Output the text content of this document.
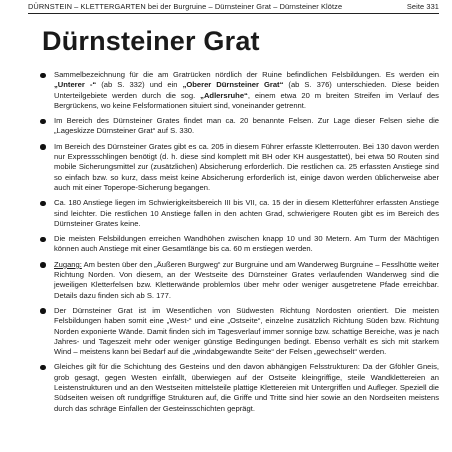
DÜRNSTEIN – KLETTERGARTEN bei der Burgruine – Dürnsteiner Grat – Dürnsteiner Klötze	Seite 331
Dürnsteiner Grat
Sammelbezeichnung für die am Gratrücken nördlich der Ruine befindlichen Felsbildungen. Es werden ein „Unterer -“ (ab S. 332) und ein „Oberer Dürnsteiner Grat“ (ab S. 376) unterschieden. Diese beiden Unterteilgebiete werden durch die sog. „Adlersruhe“, einem etwa 20 m breiten Streifen im Verlauf des Bergrückens, wo keine Felsformationen situiert sind, voneinander getrennt.
Im Bereich des Dürnsteiner Grates findet man ca. 20 benannte Felsen. Zur Lage dieser Felsen siehe die „Lageskizze Dürnsteiner Grat“ auf S. 330.
Im Bereich des Dürnsteiner Grates gibt es ca. 205 in diesem Führer erfasste Kletterrouten. Bei 130 davon werden nur Expressschlingen benötigt (d. h. diese sind komplett mit BH oder KH ausgestattet), bei etwa 50 Routen sind mobile Sicherungsmittel zur (zusätzlichen) Absicherung erforderlich. Die restlichen ca. 25 erfassten Anstiege sind so einfach bzw. so kurz, dass meist keine Absicherung erforderlich ist, einige davon werden üblicherweise aber auch mit einer Toperope-Sicherung begangen.
Ca. 180 Anstiege liegen im Schwierigkeitsbereich III bis VII, ca. 15 der in diesem Kletterführer erfassten Anstiege sind leichter. Die restlichen 10 Anstiege fallen in den achten Grad, schwierigere Routen gibt es im Bereich des Dürnsteiner Grates keine.
Die meisten Felsbildungen erreichen Wandhöhen zwischen knapp 10 und 30 Metern. Am Turm der Mächtigen können auch Anstiege mit einer Gesamtlänge bis ca. 60 m erstiegen werden.
Zugang: Am besten über den „Äußeren Burgweg“ zur Burgruine und am Wanderweg Burgruine – Fesslhütte weiter Richtung Norden. Von diesem, an der Westseite des Dürnsteiner Grates verlaufenden Wanderweg sind die jeweiligen Kletterfelsen bzw. Kletterwände problemlos über mehr oder weniger ausgetretene Pfade erreichbar. Details dazu finden sich ab S. 177.
Der Dürnsteiner Grat ist im Wesentlichen von Südwesten Richtung Nordosten orientiert. Die meisten Felsbildungen haben somit eine „West-“ und eine „Ostseite“, einzelne zusätzlich Richtung Süden bzw. Richtung Norden exponierte Wände. Damit finden sich im Tagesverlauf immer sonnige bzw. schattige Bereiche, was je nach Jahres- und Tageszeit mehr oder weniger günstige Bedingungen bedingt. Ebenso verhält es sich mit starkem Wind – meistens kann bei Bedarf auf die „windabgewandte Seite“ der Felsen „gewechselt“ werden.
Gleiches gilt für die Schichtung des Gesteins und den davon abhängigen Felsstrukturen: Da der Gföhler Gneis, grob gesagt, gegen Westen einfällt, überwiegen auf der Ostseite kleingriffige, steile Wandklettereien an Leistenstrukturen und an den Westseiten mittelsteile plattige Klettereien mit Untergriffen und Aufleger. Speziell die Südseiten weisen oft rundgriffige Strukturen auf, die Griffe und Tritte sind hier sowie an den Nordseiten meistens durch das schräge Einfallen der Gesteinsschichten geprägt.
